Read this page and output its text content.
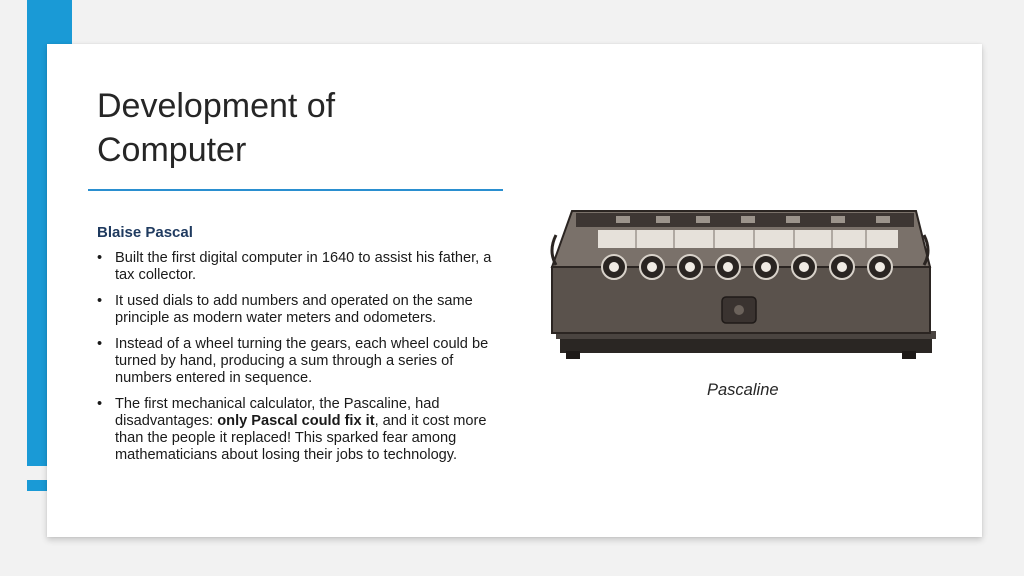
Development of
Computer
Blaise Pascal
• Built the first digital computer in 1640 to assist his father, a tax collector.
• It used dials to add numbers and operated on the same principle as modern water meters and odometers.
• Instead of a wheel turning the gears, each wheel could be turned by hand, producing a sum through a series of numbers entered in sequence.
• The first mechanical calculator, the Pascaline, had disadvantages: only Pascal could fix it, and it cost more than the people it replaced! This sparked fear among mathematicians about losing their jobs to technology.
Pascaline
